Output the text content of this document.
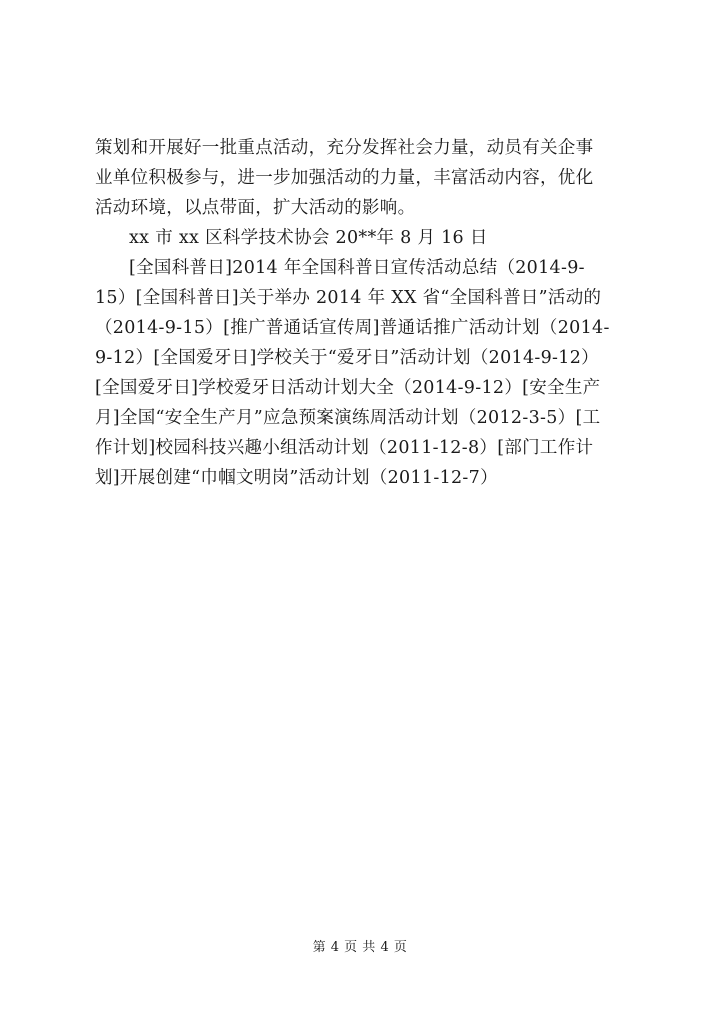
策划和开展好一批重点活动，充分发挥社会力量，动员有关企事
业单位积极参与，进一步加强活动的力量，丰富活动内容，优化
活动环境，以点带面，扩大活动的影响。
xx 市 xx 区科学技术协会 20**年 8 月 16 日
[全国科普日]2014 年全国科普日宣传活动总结（2014-9-
15）[全国科普日]关于举办 2014 年 XX 省“全国科普日”活动的
（2014-9-15）[推广普通话宣传周]普通话推广活动计划（2014-
9-12）[全国爱牙日]学校关于“爱牙日”活动计划（2014-9-12）
[全国爱牙日]学校爱牙日活动计划大全（2014-9-12）[安全生产
月]全国“安全生产月”应急预案演练周活动计划（2012-3-5）[工
作计划]校园科技兴趣小组活动计划（2011-12-8）[部门工作计
划]开展创建“巾帼文明岗”活动计划（2011-12-7）
第 4 页 共 4 页
